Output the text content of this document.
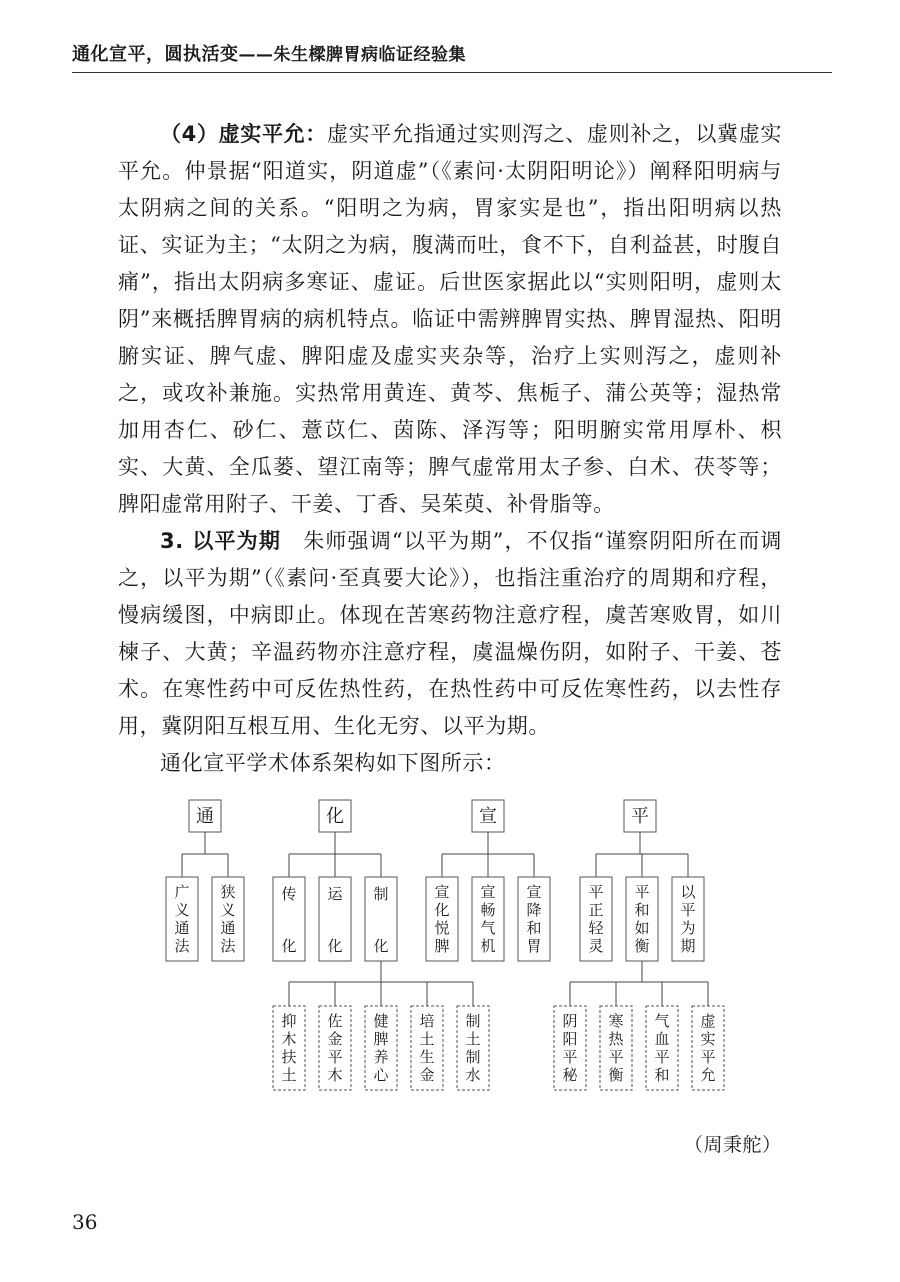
通化宣平，圆执活变——朱生樑脾胃病临证经验集

（4）虚实平允：虚实平允指通过实则泻之、虚则补之，以冀虚实平允。仲景据“阳道实，阴道虚”（《素问·太阴阳明论》）阐释阳明病与太阴病之间的关系。“阳明之为病，胃家实是也”，指出阳明病以热证、实证为主；“太阴之为病，腹满而吐，食不下，自利益甚，时腹自痛”，指出太阴病多寒证、虚证。后世医家据此以“实则阳明，虚则太阴”来概括脾胃病的病机特点。临证中需辨脾胃实热、脾胃湿热、阳明腑实证、脾气虚、脾阳虚及虚实夹杂等，治疗上实则泻之，虚则补之，或攻补兼施。实热常用黄连、黄芩、焦栀子、蒲公英等；湿热常加用杏仁、砂仁、薏苡仁、茵陈、泽泻等；阳明腑实常用厚朴、枳实、大黄、全瓜蒌、望江南等；脾气虚常用太子参、白术、茯苓等；脾阳虚常用附子、干姜、丁香、吴茱萸、补骨脂等。

3. 以平为期　朱师强调“以平为期”，不仅指“谨察阴阳所在而调之，以平为期”（《素问·至真要大论》），也指注重治疗的周期和疗程，慢病缓图，中病即止。体现在苦寒药物注意疗程，虞苦寒败胃，如川楝子、大黄；辛温药物亦注意疗程，虞温燥伤阴，如附子、干姜、苍术。在寒性药中可反佐热性药，在热性药中可反佐寒性药，以去性存用，冀阴阳互根互用、生化无穷、以平为期。

通化宣平学术体系架构如下图所示：

通	化	宣	平
广
义
通
法
狭
义
通
法
传
化
运
化
制
化
宣
化
悦
脾
宣
畅
气
机
宣
降
和
胃
平
正
轻
灵
平
和
如
衡
以
平
为
期
抑
木
扶
土
佐
金
平
木
健
脾
养
心
培
土
生
金
制
土
制
水
阴
阳
平
秘
寒
热
平
衡
气
血
平
和
虚
实
平
允
（周秉舵）
36
